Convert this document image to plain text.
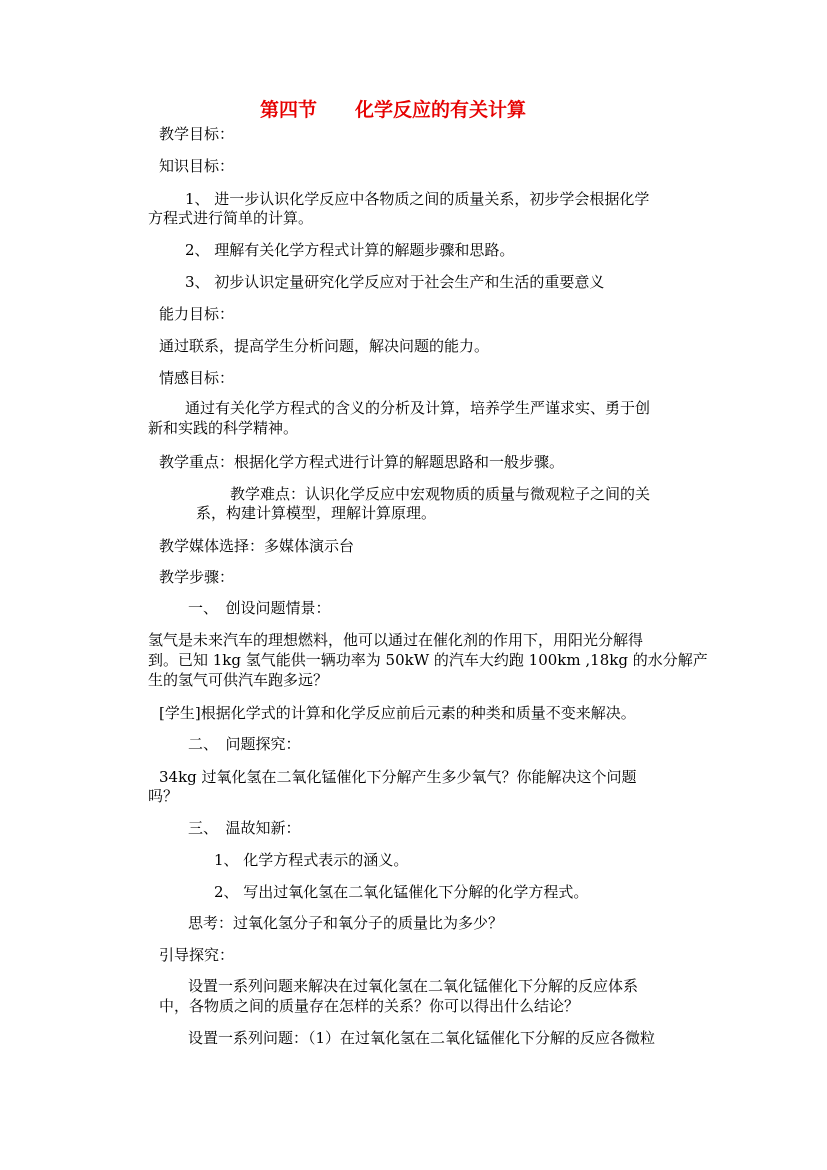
第四节　　化学反应的有关计算
教学目标：
知识目标：
1、 进一步认识化学反应中各物质之间的质量关系，初步学会根据化学
方程式进行简单的计算。
2、 理解有关化学方程式计算的解题步骤和思路。
3、 初步认识定量研究化学反应对于社会生产和生活的重要意义
能力目标：
通过联系，提高学生分析问题，解决问题的能力。
情感目标：
通过有关化学方程式的含义的分析及计算，培养学生严谨求实、勇于创
新和实践的科学精神。
教学重点：根据化学方程式进行计算的解题思路和一般步骤。
教学难点：认识化学反应中宏观物质的质量与微观粒子之间的关
系，构建计算模型，理解计算原理。
教学媒体选择：多媒体演示台
教学步骤：
一、　创设问题情景：
氢气是未来汽车的理想燃料，他可以通过在催化剂的作用下，用阳光分解得
到。已知 1kg 氢气能供一辆功率为 50kW 的汽车大约跑 100km ,18kg 的水分解产
生的氢气可供汽车跑多远？
[学生]根据化学式的计算和化学反应前后元素的种类和质量不变来解决。
二、　问题探究：
34kg 过氧化氢在二氧化锰催化下分解产生多少氧气？你能解决这个问题
吗？
三、　温故知新：
1、 化学方程式表示的涵义。
2、 写出过氧化氢在二氧化锰催化下分解的化学方程式。
思考：过氧化氢分子和氧分子的质量比为多少？
引导探究：
设置一系列问题来解决在过氧化氢在二氧化锰催化下分解的反应体系
中，各物质之间的质量存在怎样的关系？你可以得出什么结论？
设置一系列问题：（1）在过氧化氢在二氧化锰催化下分解的反应各微粒
